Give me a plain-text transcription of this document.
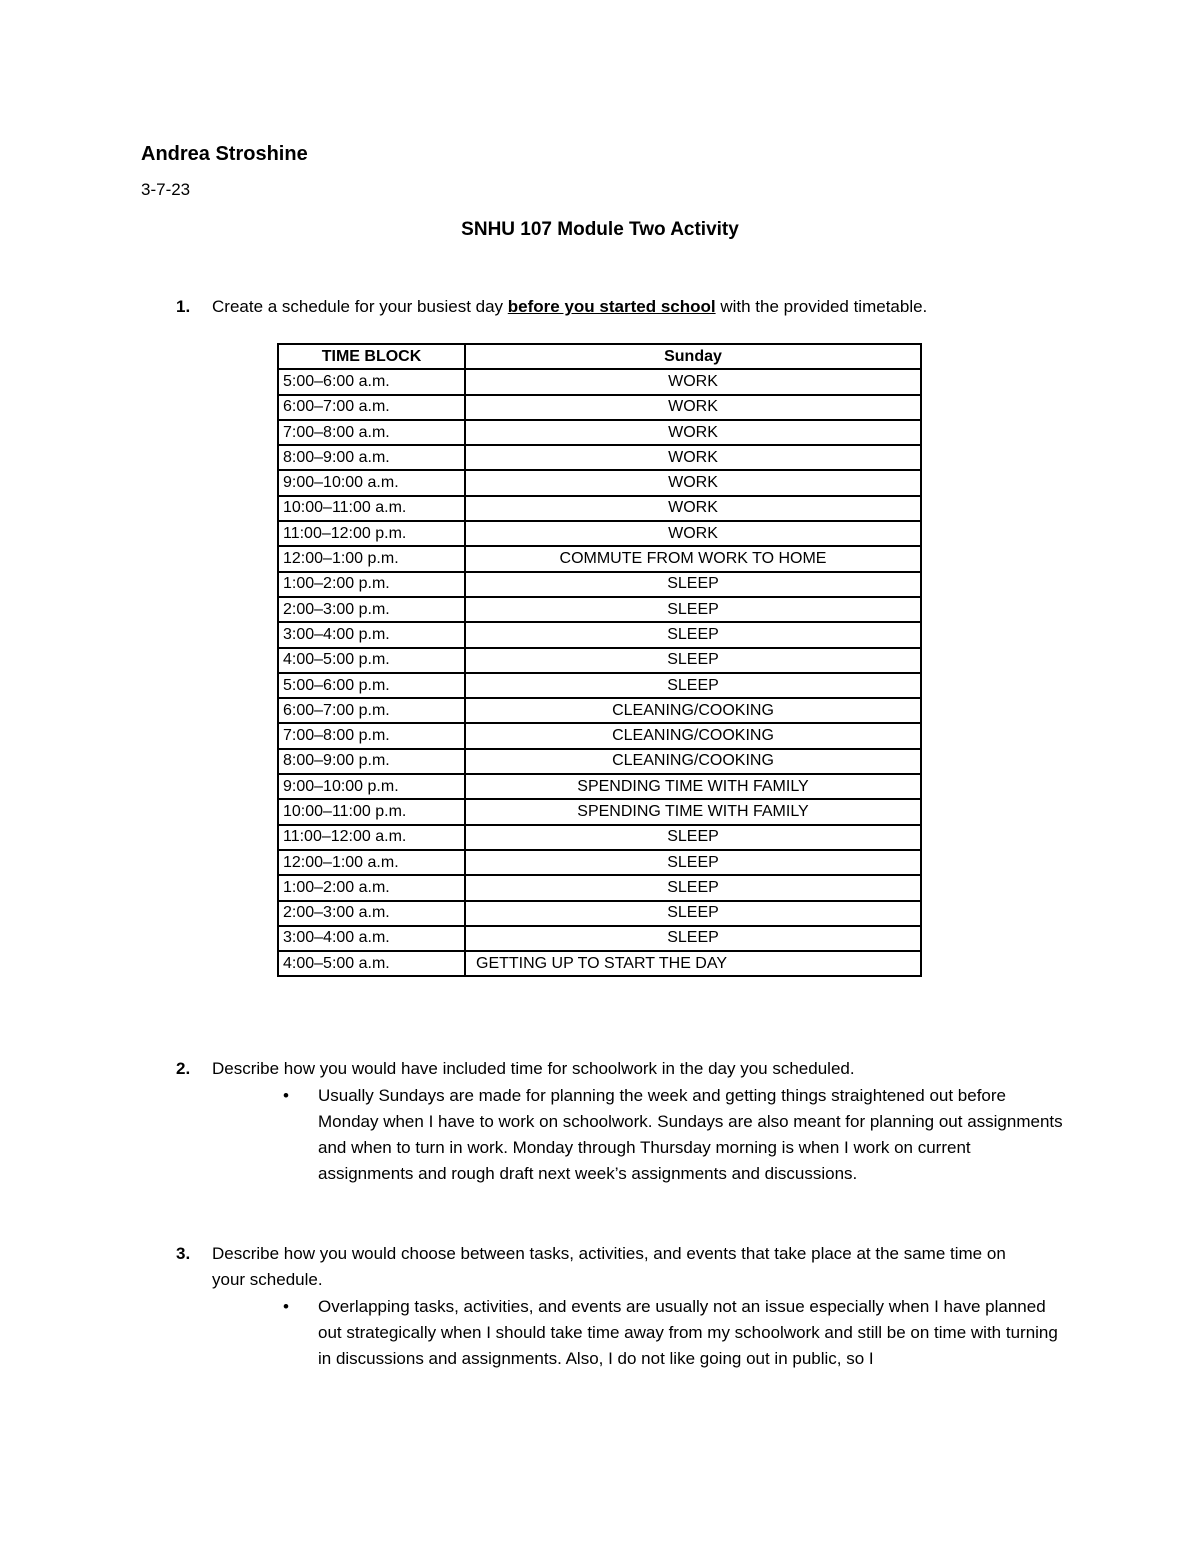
Andrea Stroshine
3-7-23
SNHU 107 Module Two Activity
1. Create a schedule for your busiest day before you started school with the provided timetable.
TIME BLOCK	Sunday
5:00–6:00 a.m.	WORK
6:00–7:00 a.m.	WORK
7:00–8:00 a.m.	WORK
8:00–9:00 a.m.	WORK
9:00–10:00 a.m.	WORK
10:00–11:00 a.m.	WORK
11:00–12:00 p.m.	WORK
12:00–1:00 p.m.	COMMUTE FROM WORK TO HOME
1:00–2:00 p.m.	SLEEP
2:00–3:00 p.m.	SLEEP
3:00–4:00 p.m.	SLEEP
4:00–5:00 p.m.	SLEEP
5:00–6:00 p.m.	SLEEP
6:00–7:00 p.m.	CLEANING/COOKING
7:00–8:00 p.m.	CLEANING/COOKING
8:00–9:00 p.m.	CLEANING/COOKING
9:00–10:00 p.m.	SPENDING TIME WITH FAMILY
10:00–11:00 p.m.	SPENDING TIME WITH FAMILY
11:00–12:00 a.m.	SLEEP
12:00–1:00 a.m.	SLEEP
1:00–2:00 a.m.	SLEEP
2:00–3:00 a.m.	SLEEP
3:00–4:00 a.m.	SLEEP
4:00–5:00 a.m.	GETTING UP TO START THE DAY
2. Describe how you would have included time for schoolwork in the day you scheduled.
• Usually Sundays are made for planning the week and getting things straightened out before Monday when I have to work on schoolwork. Sundays are also meant for planning out assignments and when to turn in work. Monday through Thursday morning is when I work on current assignments and rough draft next week’s assignments and discussions.
3. Describe how you would choose between tasks, activities, and events that take place at the same time on your schedule.
• Overlapping tasks, activities, and events are usually not an issue especially when I have planned out strategically when I should take time away from my schoolwork and still be on time with turning in discussions and assignments. Also, I do not like going out in public, so I
